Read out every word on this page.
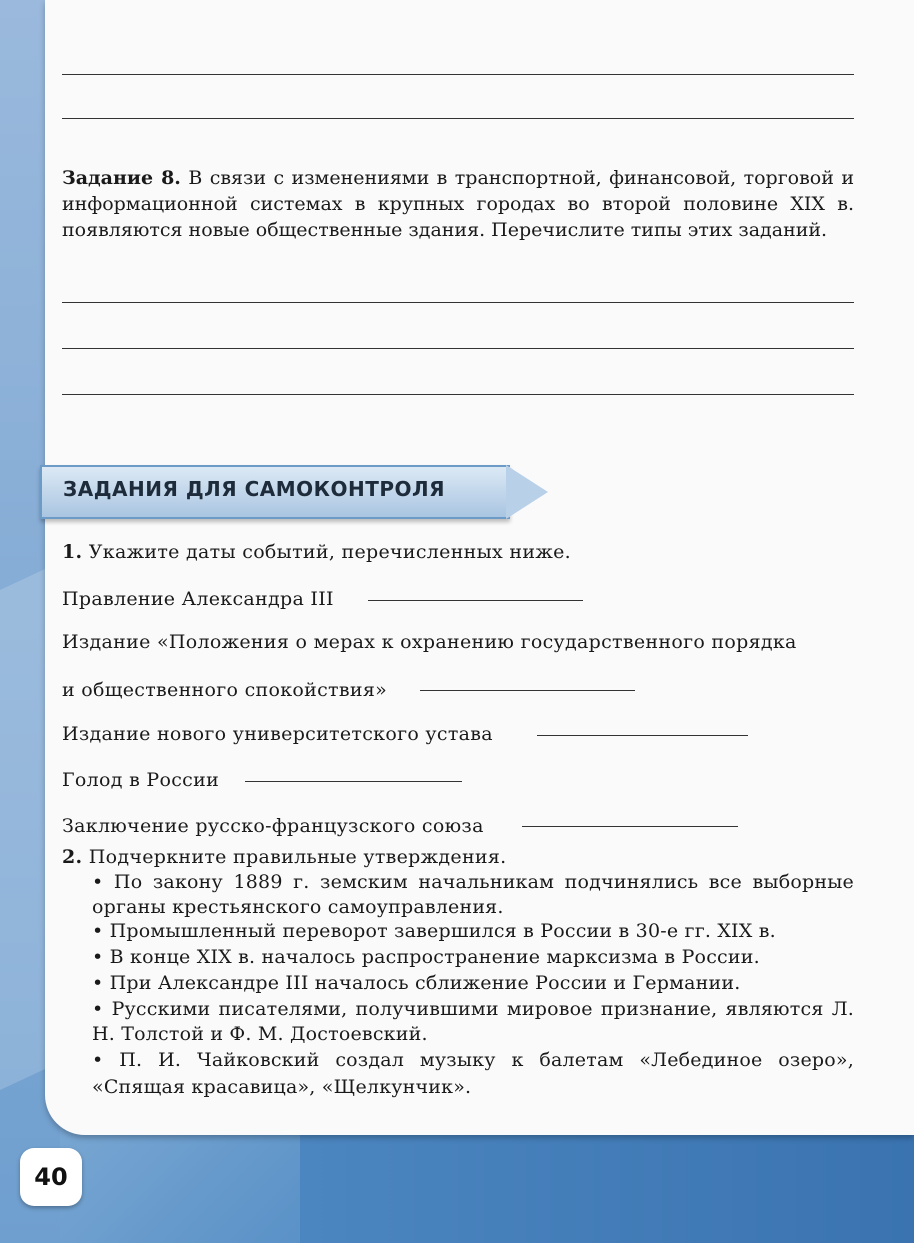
Задание 8. В связи с изменениями в транспортной, финансовой, торговой и информационной системах в крупных городах во второй половине XIX в. появляются новые общественные здания. Перечислите типы этих заданий.
ЗАДАНИЯ ДЛЯ САМОКОНТРОЛЯ
1. Укажите даты событий, перечисленных ниже.
Правление Александра III
Издание «Положения о мерах к охранению государственного порядка
и общественного спокойствия»
Издание нового университетского устава
Голод в России
Заключение русско-французского союза
2. Подчеркните правильные утверждения.
• По закону 1889 г. земским начальникам подчинялись все выборные органы крестьянского самоуправления.
• Промышленный переворот завершился в России в 30-е гг. XIX в.
• В конце XIX в. началось распространение марксизма в России.
• При Александре III началось сближение России и Германии.
• Русскими писателями, получившими мировое признание, являются Л. Н. Толстой и Ф. М. Достоевский.
• П. И. Чайковский создал музыку к балетам «Лебединое озеро», «Спящая красавица», «Щелкунчик».
40
